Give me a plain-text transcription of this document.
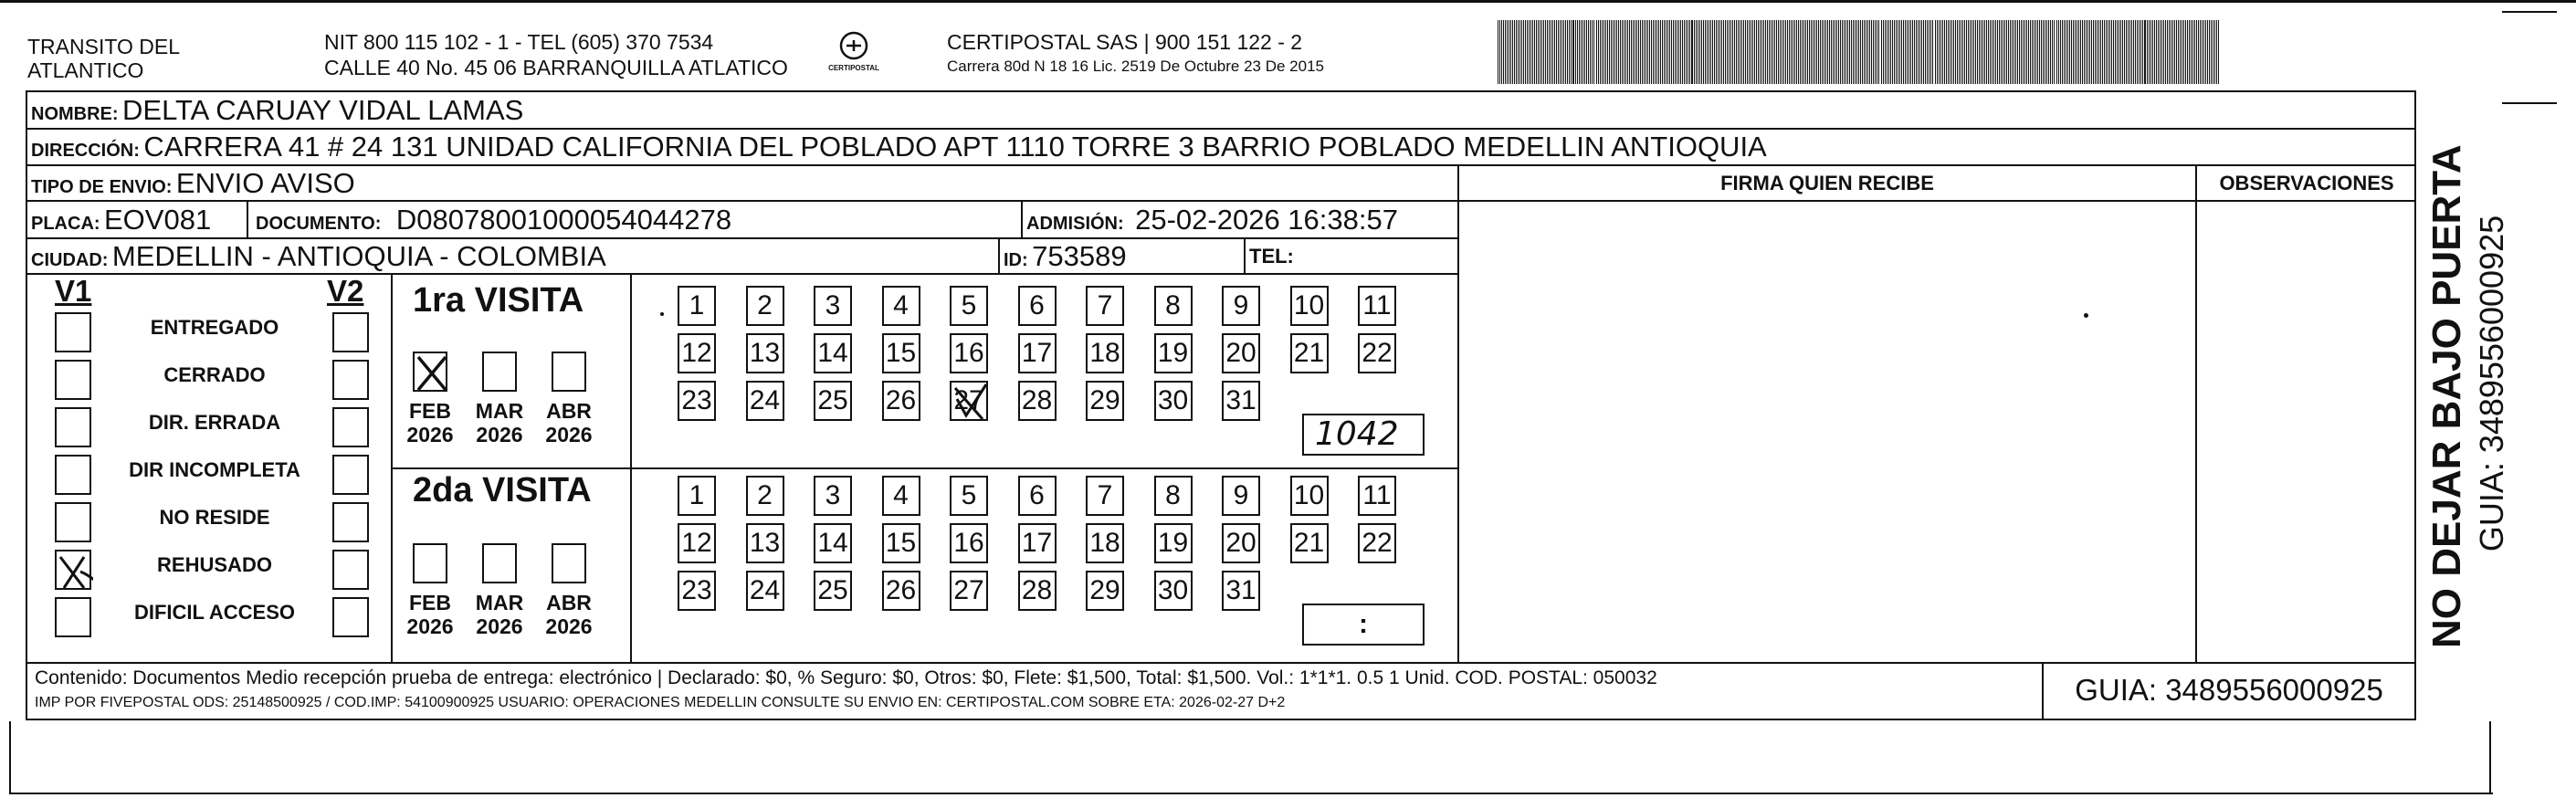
TRANSITO DEL
ATLANTICO
NIT 800 115 102 - 1 - TEL (605) 370 7534
CALLE 40 No. 45 06 BARRANQUILLA ATLATICO	CERTIPOSTAL
CERTIPOSTAL SAS | 900 151 122 - 2
Carrera 80d N 18 16 Lic. 2519 De Octubre 23 De 2015
NOMBRE: DELTA CARUAY VIDAL LAMAS
DIRECCIÓN: CARRERA 41 # 24 131 UNIDAD CALIFORNIA DEL POBLADO APT 1110 TORRE 3 BARRIO POBLADO MEDELLIN ANTIOQUIA
TIPO DE ENVIO: ENVIO AVISO	FIRMA QUIEN RECIBE	OBSERVACIONES
PLACA: EOV081 DOCUMENTO: D08078001000054044278	ADMISIÓN: 25-02-2026 16:38:57
CIUDAD: MEDELLIN - ANTIOQUIA - COLOMBIA	ID: 753589	TEL:
V1	V2
ENTREGADO
CERRADO
DIR. ERRADA
DIR INCOMPLETA
NO RESIDE
REHUSADO
DIFICIL ACCESO
1ra VISITA
2da VISITA
FEB
2026
MAR
2026
ABR
2026
FEB
2026
MAR
2026
ABR
2026
1	2	3	4	5	6	7	8	9	10 11
12 13 14 15 16 17 18 19 20 21 22
23 24 25 26 27 28 29 30 31
1	2	3	4	5	6	7	8	9	10 11
12 13 14 15 16 17 18 19 20 21 22
23 24 25 26 27 28 29 30 31
1042
:
Contenido: Documentos Medio recepción prueba de entrega: electrónico | Declarado: $0, % Seguro: $0, Otros: $0, Flete: $1,500, Total: $1,500. Vol.: 1*1*1. 0.5 1 Unid. COD. POSTAL: 050032
IMP POR FIVEPOSTAL ODS: 25148500925 / COD.IMP: 54100900925 USUARIO: OPERACIONES MEDELLIN CONSULTE SU ENVIO EN: CERTIPOSTAL.COM SOBRE ETA: 2026-02-27 D+2	GUIA: 3489556000925
NO DEJAR BAJO PUERTA GUIA: 3489556000925
